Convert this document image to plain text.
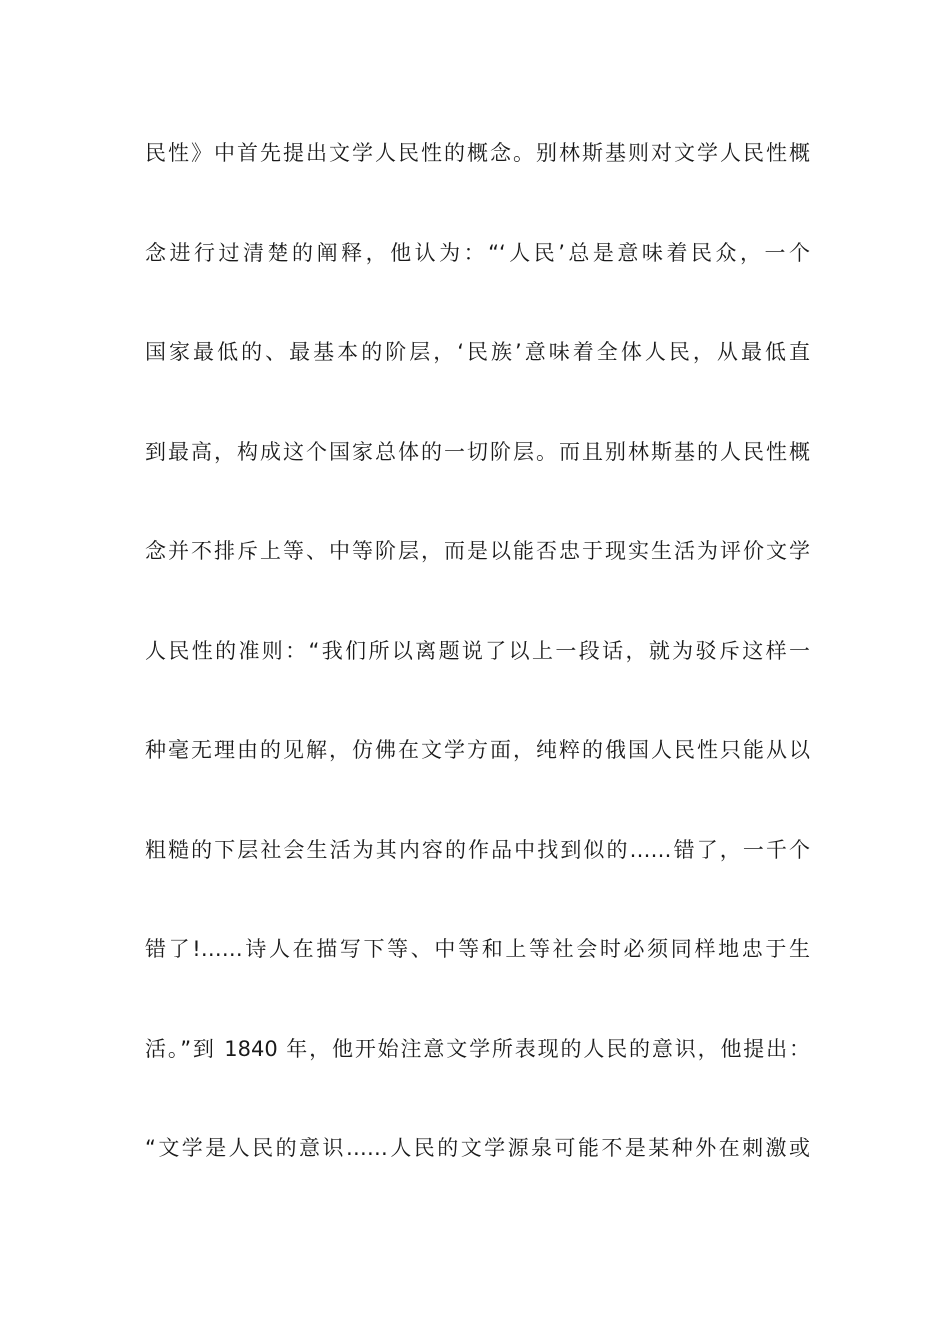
民性》中首先提出文学人民性的概念。别林斯基则对文学人民性概
念进行过清楚的阐释，他认为：“‘人民’总是意味着民众，一个
国家最低的、最基本的阶层，‘民族’意味着全体人民，从最低直
到最高，构成这个国家总体的一切阶层。而且别林斯基的人民性概
念并不排斥上等、中等阶层，而是以能否忠于现实生活为评价文学
人民性的准则：“我们所以离题说了以上一段话，就为驳斥这样一
种毫无理由的见解，仿佛在文学方面，纯粹的俄国人民性只能从以
粗糙的下层社会生活为其内容的作品中找到似的……错了，一千个
错了!……诗人在描写下等、中等和上等社会时必须同样地忠于生
活。”到 1840 年，他开始注意文学所表现的人民的意识，他提出：
“文学是人民的意识……人民的文学源泉可能不是某种外在刺激或
